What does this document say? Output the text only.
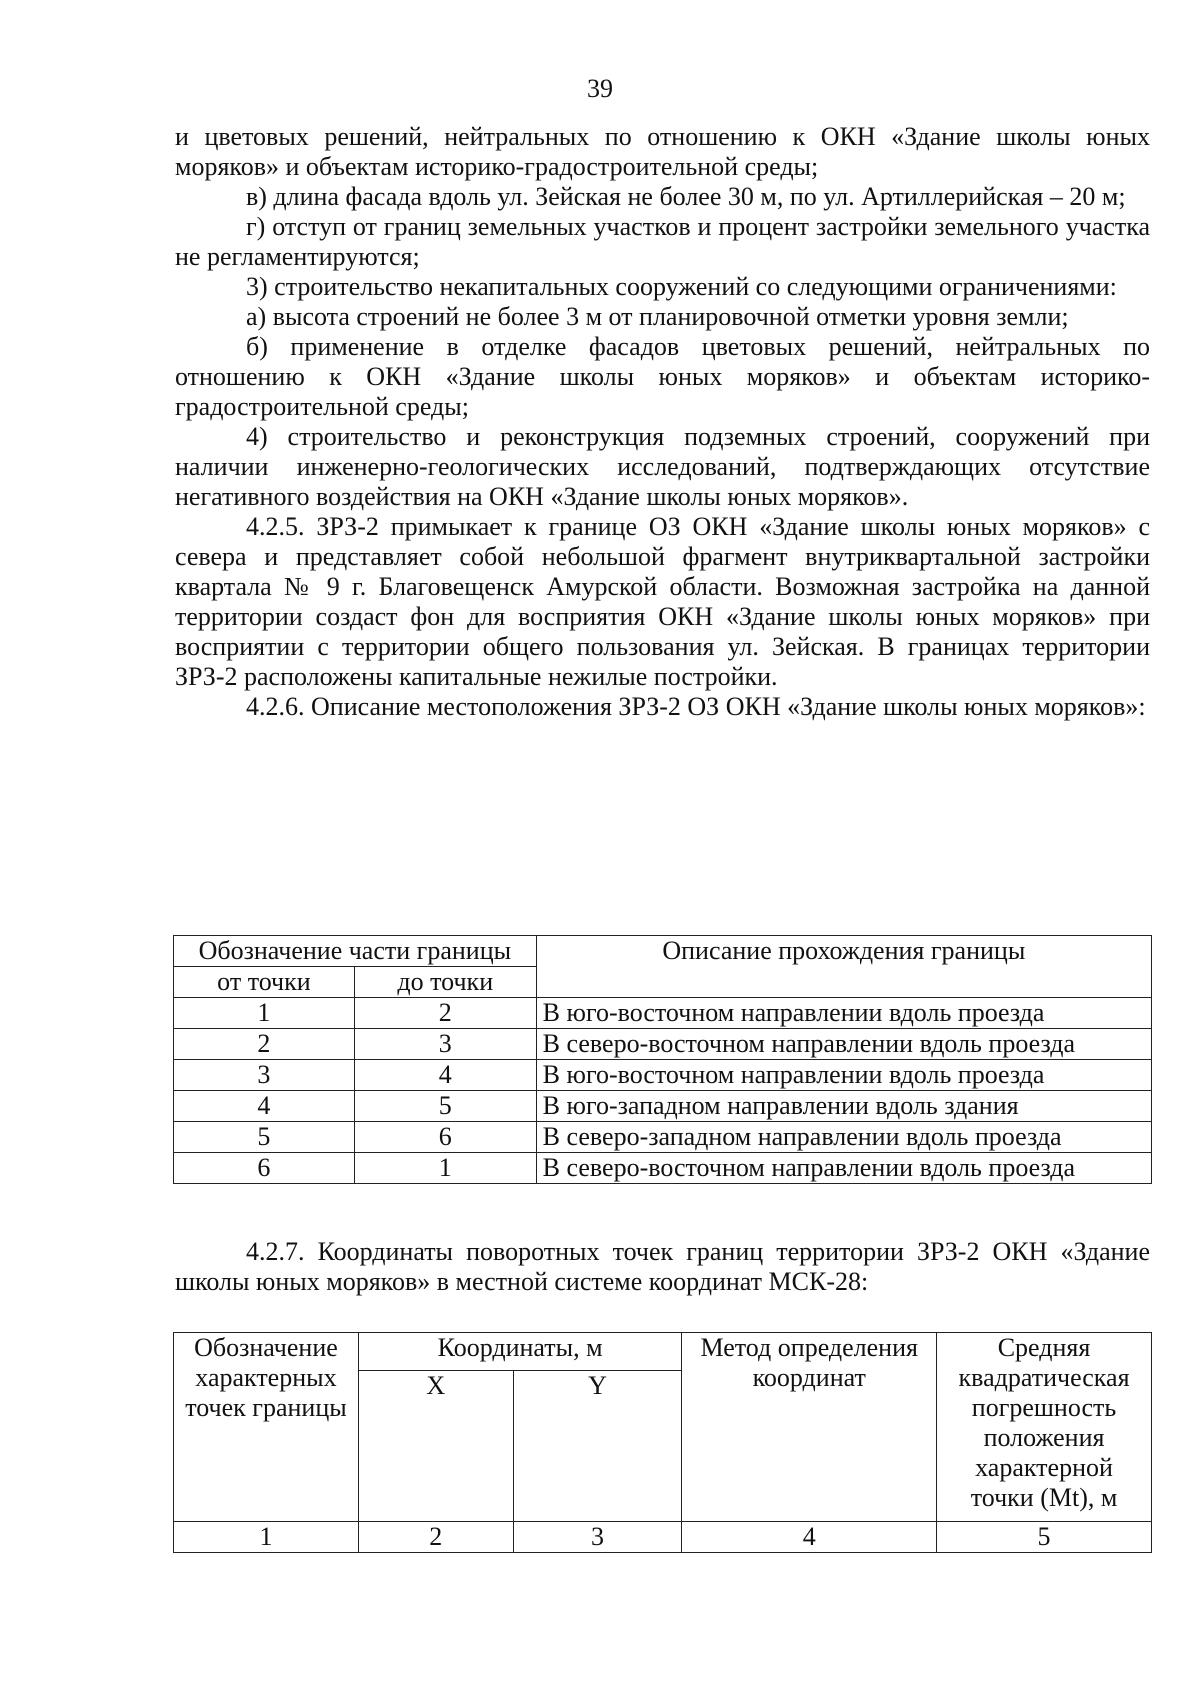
39

и цветовых решений, нейтральных по отношению к ОКН «Здание школы юных моряков» и объектам историко-градостроительной среды;

в) длина фасада вдоль ул. Зейская не более 30 м, по ул. Артиллерийская – 20 м;

г) отступ от границ земельных участков и процент застройки земельного участка не регламентируются;

3) строительство некапитальных сооружений со следующими ограничениями:

а) высота строений не более 3 м от планировочной отметки уровня земли;

б) применение в отделке фасадов цветовых решений, нейтральных по отношению к ОКН «Здание школы юных моряков» и объектам историко-градостроительной среды;

4) строительство и реконструкция подземных строений, сооружений при наличии инженерно-геологических исследований, подтверждающих отсутствие негативного воздействия на ОКН «Здание школы юных моряков».

4.2.5. ЗРЗ-2 примыкает к границе ОЗ ОКН «Здание школы юных моряков» с севера и представляет собой небольшой фрагмент внутриквартальной застройки квартала № 9 г. Благовещенск Амурской области. Возможная застройка на данной территории создаст фон для восприятия ОКН «Здание школы юных моряков» при восприятии с территории общего пользования ул. Зейская. В границах территории ЗРЗ-2 расположены капитальные нежилые постройки.

4.2.6. Описание местоположения ЗРЗ-2 ОЗ ОКН «Здание школы юных моряков»:

Обозначение части границы		Описание прохождения границы
от точки	до точки	
1	2	В юго-восточном направлении вдоль проезда
2	3	В северо-восточном направлении вдоль проезда
3	4	В юго-восточном направлении вдоль проезда
4	5	В юго-западном направлении вдоль здания
5	6	В северо-западном направлении вдоль проезда
6	1	В северо-восточном направлении вдоль проезда

4.2.7. Координаты поворотных точек границ территории ЗРЗ-2 ОКН «Здание школы юных моряков» в местной системе координат МСК-28:

Обозначение характерных точек границы	Координаты, м		Метод определения координат	Средняя квадратическая погрешность положения характерной точки (Mt), м
	X	Y		
1	2	3	4	5
